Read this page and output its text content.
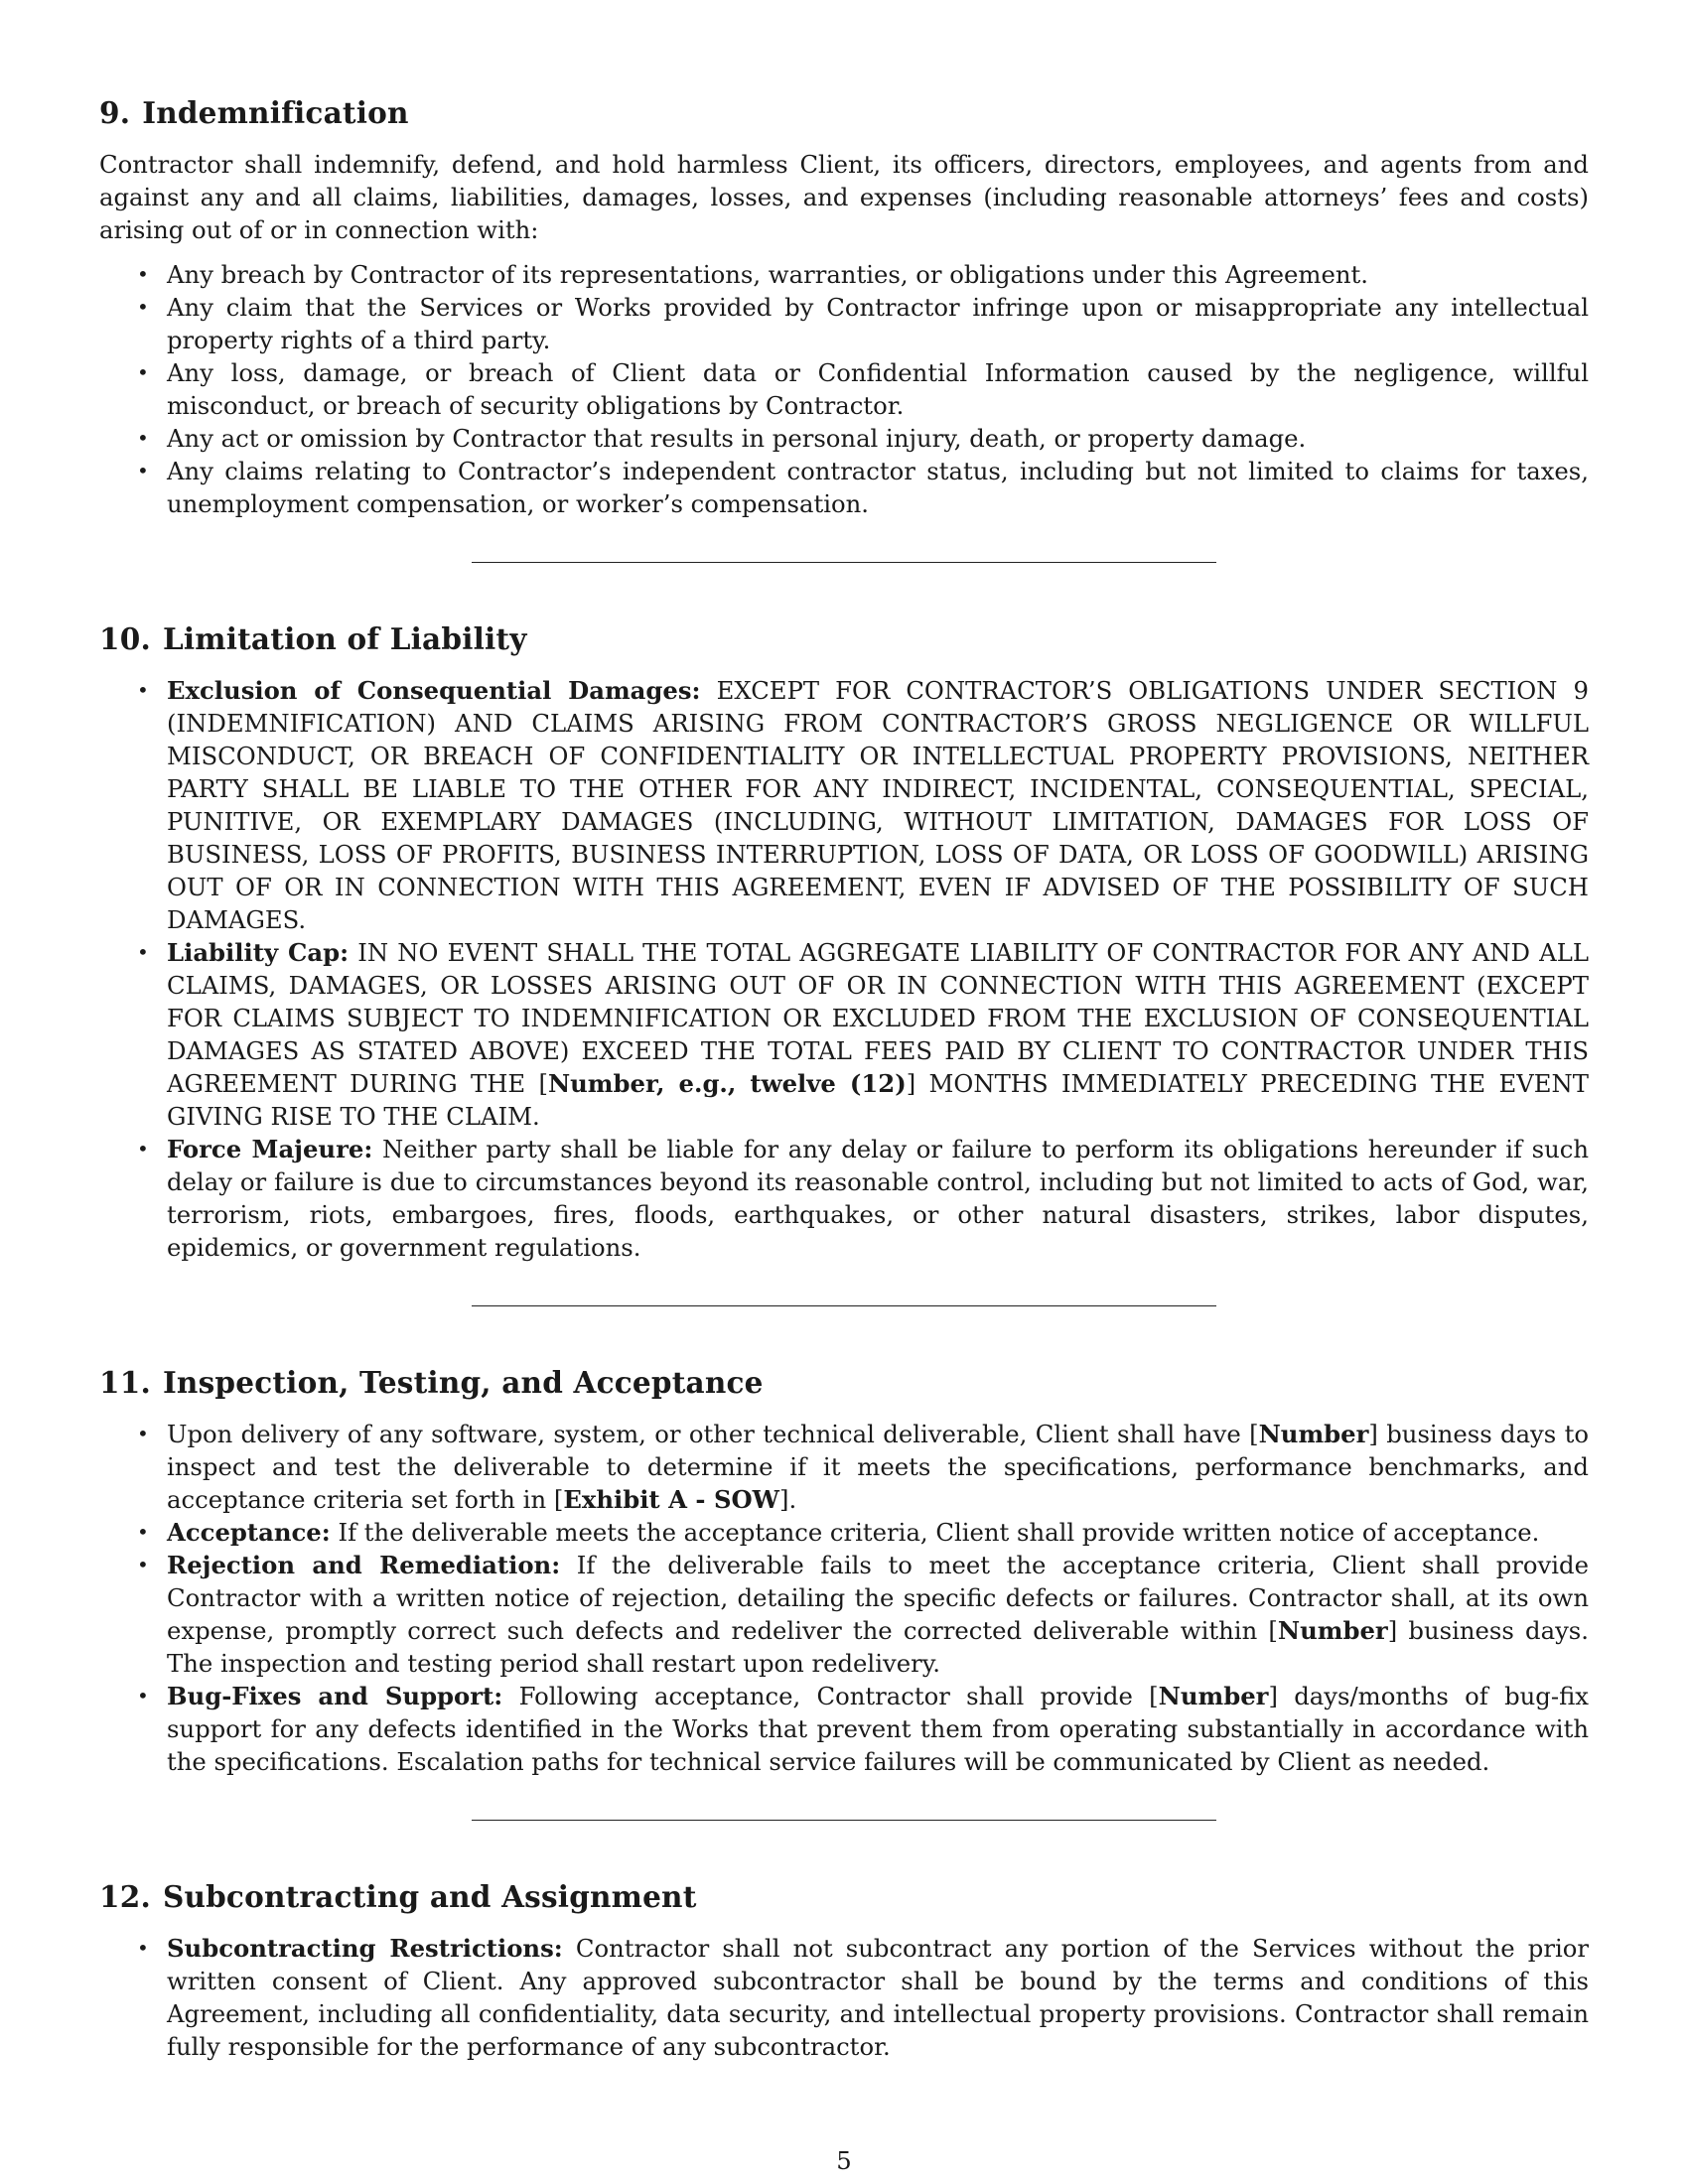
9. Indemnification

Contractor shall indemnify, defend, and hold harmless Client, its officers, directors, employees, and agents from and against any and all claims, liabilities, damages, losses, and expenses (including reasonable attorneys’ fees and costs) arising out of or in connection with:

• Any breach by Contractor of its representations, warranties, or obligations under this Agreement.
• Any claim that the Services or Works provided by Contractor infringe upon or misappropriate any intellectual property rights of a third party.
• Any loss, damage, or breach of Client data or Confidential Information caused by the negligence, willful misconduct, or breach of security obligations by Contractor.
• Any act or omission by Contractor that results in personal injury, death, or property damage.
• Any claims relating to Contractor’s independent contractor status, including but not limited to claims for taxes, unemployment compensation, or worker’s compensation.
10. Limitation of Liability
• Exclusion of Consequential Damages: EXCEPT FOR CONTRACTOR’S OBLIGATIONS UNDER SECTION 9 (INDEMNIFICATION) AND CLAIMS ARISING FROM CONTRACTOR’S GROSS NEGLIGENCE OR WILLFUL MISCONDUCT, OR BREACH OF CONFIDENTIALITY OR INTELLECTUAL PROPERTY PROVISIONS, NEITHER PARTY SHALL BE LIABLE TO THE OTHER FOR ANY INDIRECT, INCIDENTAL, CONSEQUENTIAL, SPECIAL, PUNITIVE, OR EXEMPLARY DAMAGES (INCLUDING, WITHOUT LIMITATION, DAMAGES FOR LOSS OF BUSINESS, LOSS OF PROFITS, BUSINESS INTERRUPTION, LOSS OF DATA, OR LOSS OF GOODWILL) ARISING OUT OF OR IN CONNECTION WITH THIS AGREEMENT, EVEN IF ADVISED OF THE POSSIBILITY OF SUCH DAMAGES.
• Liability Cap: IN NO EVENT SHALL THE TOTAL AGGREGATE LIABILITY OF CONTRACTOR FOR ANY AND ALL CLAIMS, DAMAGES, OR LOSSES ARISING OUT OF OR IN CONNECTION WITH THIS AGREEMENT (EXCEPT FOR CLAIMS SUBJECT TO INDEMNIFICATION OR EXCLUDED FROM THE EXCLUSION OF CONSEQUENTIAL DAMAGES AS STATED ABOVE) EXCEED THE TOTAL FEES PAID BY CLIENT TO CONTRACTOR UNDER THIS AGREEMENT DURING THE [Number, e.g., twelve (12)] MONTHS IMMEDIATELY PRECEDING THE EVENT GIVING RISE TO THE CLAIM.
• Force Majeure: Neither party shall be liable for any delay or failure to perform its obligations hereunder if such delay or failure is due to circumstances beyond its reasonable control, including but not limited to acts of God, war, terrorism, riots, embargoes, fires, floods, earthquakes, or other natural disasters, strikes, labor disputes, epidemics, or government regulations.
11. Inspection, Testing, and Acceptance
• Upon delivery of any software, system, or other technical deliverable, Client shall have [Number] business days to inspect and test the deliverable to determine if it meets the specifications, performance benchmarks, and acceptance criteria set forth in [Exhibit A - SOW].
• Acceptance: If the deliverable meets the acceptance criteria, Client shall provide written notice of acceptance.
• Rejection and Remediation: If the deliverable fails to meet the acceptance criteria, Client shall provide Contractor with a written notice of rejection, detailing the specific defects or failures. Contractor shall, at its own expense, promptly correct such defects and redeliver the corrected deliverable within [Number] business days. The inspection and testing period shall restart upon redelivery.
• Bug-Fixes and Support: Following acceptance, Contractor shall provide [Number] days/months of bug-fix support for any defects identified in the Works that prevent them from operating substantially in accordance with the specifications. Escalation paths for technical service failures will be communicated by Client as needed.
12. Subcontracting and Assignment
• Subcontracting Restrictions: Contractor shall not subcontract any portion of the Services without the prior written consent of Client. Any approved subcontractor shall be bound by the terms and conditions of this Agreement, including all confidentiality, data security, and intellectual property provisions. Contractor shall remain fully responsible for the performance of any subcontractor.
5
